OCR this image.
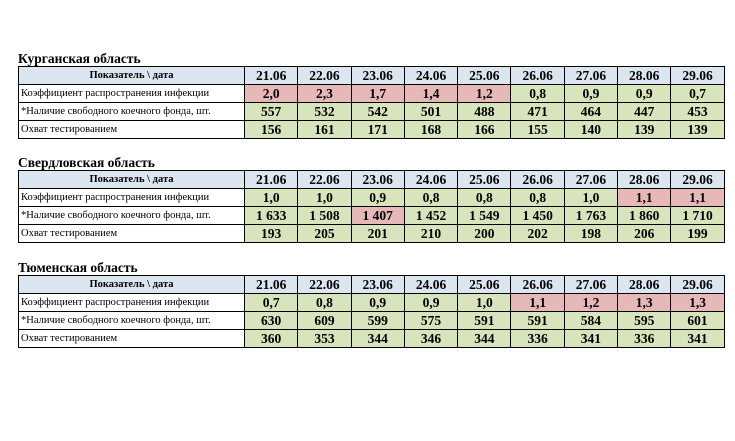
Курганская область
Показатель \ дата	21.06	22.06	23.06	24.06	25.06	26.06	27.06	28.06	29.06
Коэффициент распространения инфекции	2,0	2,3	1,7	1,4	1,2	0,8	0,9	0,9	0,7
*Наличие свободного коечного фонда, шт.	557	532	542	501	488	471	464	447	453
Охват тестированием	156	161	171	168	166	155	140	139	139
Свердловская область
Показатель \ дата	21.06	22.06	23.06	24.06	25.06	26.06	27.06	28.06	29.06
Коэффициент распространения инфекции	1,0	1,0	0,9	0,8	0,8	0,8	1,0	1,1	1,1
*Наличие свободного коечного фонда, шт.	1 633	1 508	1 407	1 452	1 549	1 450	1 763	1 860	1 710
Охват тестированием	193	205	201	210	200	202	198	206	199
Тюменская область
Показатель \ дата	21.06	22.06	23.06	24.06	25.06	26.06	27.06	28.06	29.06
Коэффициент распространения инфекции	0,7	0,8	0,9	0,9	1,0	1,1	1,2	1,3	1,3
*Наличие свободного коечного фонда, шт.	630	609	599	575	591	591	584	595	601
Охват тестированием	360	353	344	346	344	336	341	336	341
